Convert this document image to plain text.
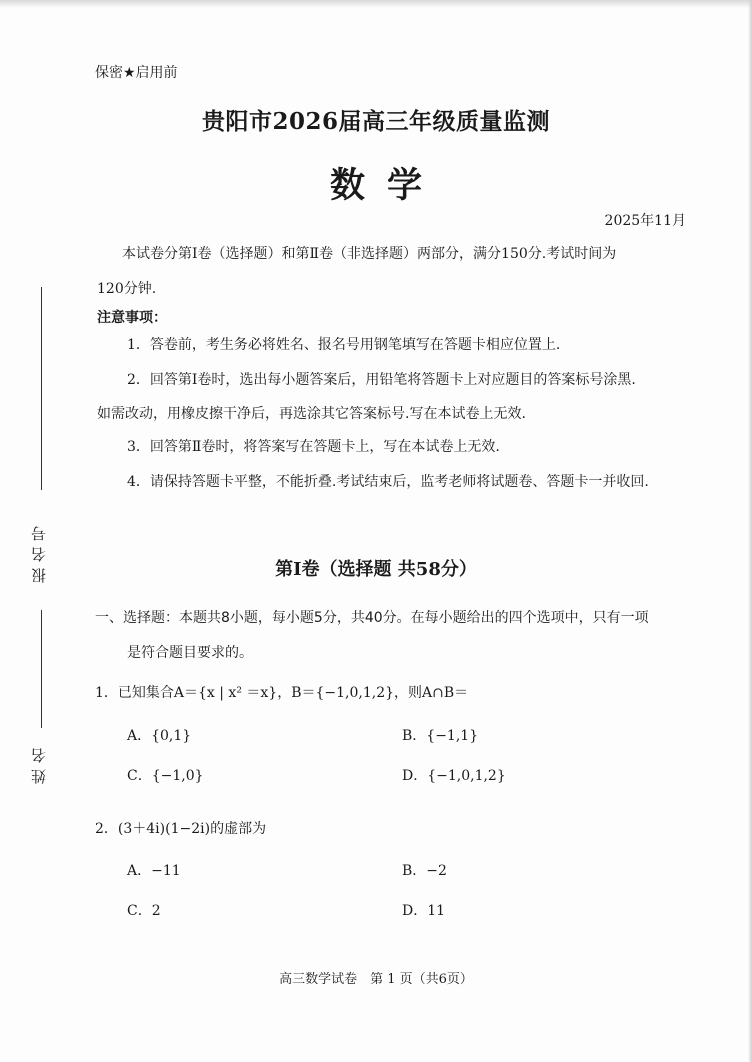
报名号
姓名
保密★启用前
贵阳市2026届高三年级质量监测
数学
2025年11月
本试卷分第Ⅰ卷（选择题）和第Ⅱ卷（非选择题）两部分，满分150分.考试时间为
120分钟.
注意事项：
1．答卷前，考生务必将姓名、报名号用钢笔填写在答题卡相应位置上.
2．回答第Ⅰ卷时，选出每小题答案后，用铅笔将答题卡上对应题目的答案标号涂黑.
如需改动，用橡皮擦干净后，再选涂其它答案标号.写在本试卷上无效.
3．回答第Ⅱ卷时，将答案写在答题卡上，写在本试卷上无效.
4．请保持答题卡平整，不能折叠.考试结束后，监考老师将试题卷、答题卡一并收回.
第Ⅰ卷（选择题 共58分）
一、选择题：本题共8小题，每小题5分，共40分。在每小题给出的四个选项中，只有一项
是符合题目要求的。
1．已知集合A＝{x | x² ＝x}，B＝{−1,0,1,2}，则A∩B＝
A．{0,1}	B．{−1,1}
C．{−1,0}	D．{−1,0,1,2}
2．(3＋4i)(1−2i)的虚部为
A．−11	B．−2
C．2	D．11
高三数学试卷　第 1 页（共6页）
